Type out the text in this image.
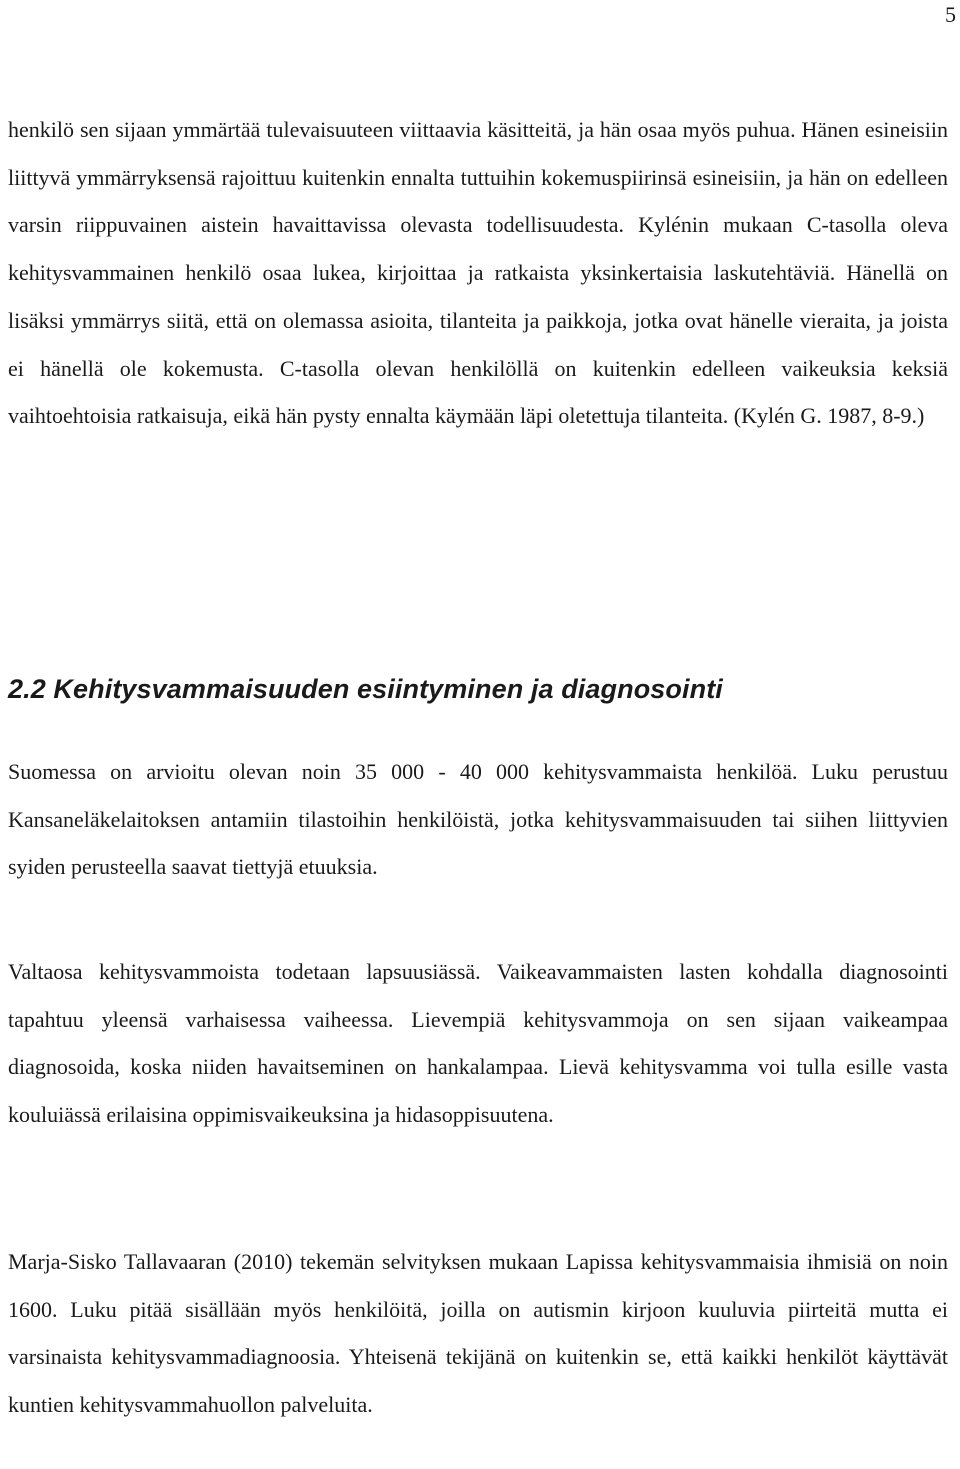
5

henkilö sen sijaan ymmärtää tulevaisuuteen viittaavia käsitteitä, ja hän osaa myös puhua. Hänen esineisiin liittyvä ymmärryksensä rajoittuu kuitenkin ennalta tuttuihin kokemuspiirinsä esineisiin, ja hän on edelleen varsin riippuvainen aistein havaittavissa olevasta todellisuudesta. Kylénin mukaan C-tasolla oleva kehitysvammainen henkilö osaa lukea, kirjoittaa ja ratkaista yksinkertaisia laskutehtäviä. Hänellä on lisäksi ymmärrys siitä, että on olemassa asioita, tilanteita ja paikkoja, jotka ovat hänelle vieraita, ja joista ei hänellä ole kokemusta. C-tasolla olevan henkilöllä on kuitenkin edelleen vaikeuksia keksiä vaihtoehtoisia ratkaisuja, eikä hän pysty ennalta käymään läpi oletettuja tilanteita. (Kylén G. 1987, 8-9.)

2.2 Kehitysvammaisuuden esiintyminen ja diagnosointi

Suomessa on arvioitu olevan noin 35 000 - 40 000 kehitysvammaista henkilöä. Luku perustuu Kansaneläkelaitoksen antamiin tilastoihin henkilöistä, jotka kehitysvammaisuuden tai siihen liittyvien syiden perusteella saavat tiettyjä etuuksia.

Valtaosa kehitysvammoista todetaan lapsuusiässä. Vaikeavammaisten lasten kohdalla diagnosointi tapahtuu yleensä varhaisessa vaiheessa. Lievempiä kehitysvammoja on sen sijaan vaikeampaa diagnosoida, koska niiden havaitseminen on hankalampaa. Lievä kehitysvamma voi tulla esille vasta kouluiässä erilaisina oppimisvaikeuksina ja hidasoppisuutena.

Marja-Sisko Tallavaaran (2010) tekemän selvityksen mukaan Lapissa kehitysvammaisia ihmisiä on noin 1600. Luku pitää sisällään myös henkilöitä, joilla on autismin kirjoon kuuluvia piirteitä mutta ei varsinaista kehitysvammadiagnoosia. Yhteisenä tekijänä on kuitenkin se, että kaikki henkilöt käyttävät kuntien kehitysvammahuollon palveluita.
